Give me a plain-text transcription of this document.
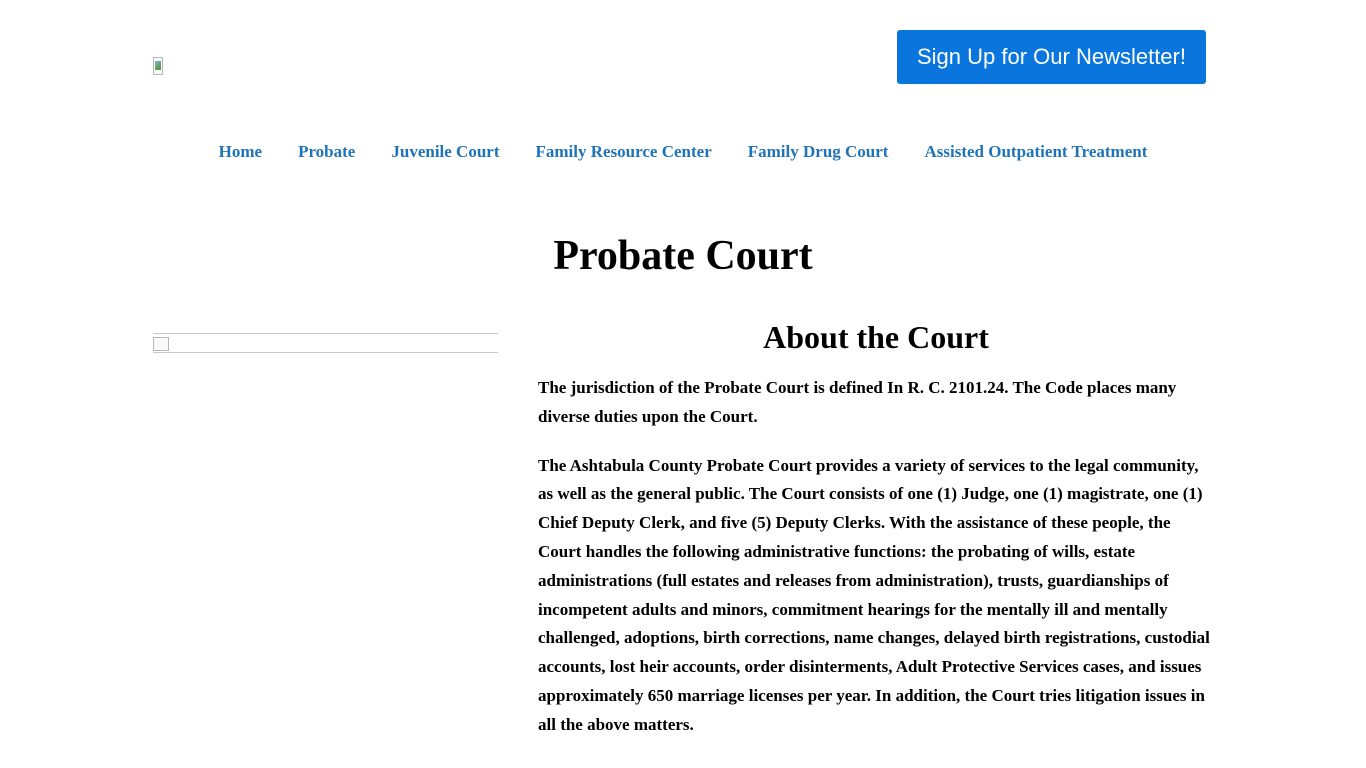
Sign Up for Our Newsletter!
Home	Probate	Juvenile Court	Family Resource Center	Family Drug Court	Assisted Outpatient Treatment
Probate Court
About the Court

The jurisdiction of the Probate Court is defined In R. C. 2101.24. The Code places many diverse duties upon the Court.

The Ashtabula County Probate Court provides a variety of services to the legal community, as well as the general public. The Court consists of one (1) Judge, one (1) magistrate, one (1) Chief Deputy Clerk, and five (5) Deputy Clerks. With the assistance of these people, the Court handles the following administrative functions: the probating of wills, estate administrations (full estates and releases from administration), trusts, guardianships of incompetent adults and minors, commitment hearings for the mentally ill and mentally challenged, adoptions, birth corrections, name changes, delayed birth registrations, custodial accounts, lost heir accounts, order disinterments, Adult Protective Services cases, and issues approximately 650 marriage licenses per year. In addition, the Court tries litigation issues in all the above matters.
